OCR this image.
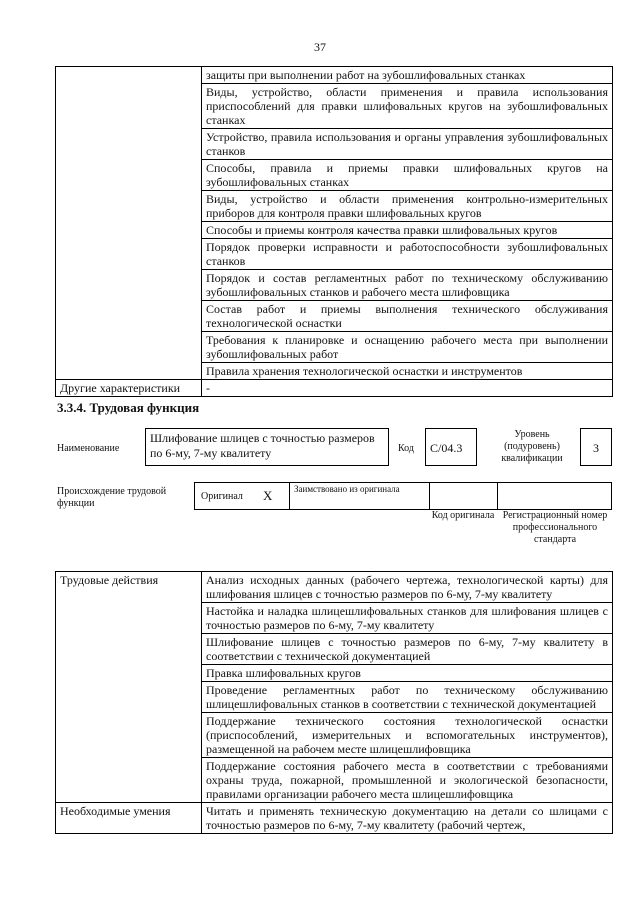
37
	защиты при выполнении работ на зубошлифовальных станках
	Виды, устройство, области применения и правила использования приспособлений для правки шлифовальных кругов на зубошлифовальных станках
	Устройство, правила использования и органы управления зубошлифовальных станков
	Способы, правила и приемы правки шлифовальных кругов на зубошлифовальных станках
	Виды, устройство и области применения контрольно-измерительных приборов для контроля правки шлифовальных кругов
	Способы и приемы контроля качества правки шлифовальных кругов
	Порядок проверки исправности и работоспособности зубошлифовальных станков
	Порядок и состав регламентных работ по техническому обслуживанию зубошлифовальных станков и рабочего места шлифовщика
	Состав работ и приемы выполнения технического обслуживания технологической оснастки
	Требования к планировке и оснащению рабочего места при выполнении зубошлифовальных работ
	Правила хранения технологической оснастки и инструментов
Другие характеристики	-
3.3.4. Трудовая функция
Наименование
Шлифование шлицев с точностью размеров по 6-му, 7-му квалитету	Код	C/04.3
Уровень (подуровень) квалификации
3
Происхождение трудовой функции
Оригинал X Заимствовано из оригинала
Код оригинала Регистрационный номер профессионального стандарта
Трудовые действия	Анализ исходных данных (рабочего чертежа, технологической карты) для шлифования шлицев с точностью размеров по 6-му, 7-му квалитету
	Настойка и наладка шлицешлифовальных станков для шлифования шлицев с точностью размеров по 6-му, 7-му квалитету
	Шлифование шлицев с точностью размеров по 6-му, 7-му квалитету в соответствии с технической документацией
	Правка шлифовальных кругов
	Проведение регламентных работ по техническому обслуживанию шлицешлифовальных станков в соответствии с технической документацией
	Поддержание технического состояния технологической оснастки (приспособлений, измерительных и вспомогательных инструментов), размещенной на рабочем месте шлицешлифовщика
	Поддержание состояния рабочего места в соответствии с требованиями охраны труда, пожарной, промышленной и экологической безопасности, правилами организации рабочего места шлицешлифовщика
Необходимые умения	Читать и применять техническую документацию на детали со шлицами с точностью размеров по 6-му, 7-му квалитету (рабочий чертеж,
